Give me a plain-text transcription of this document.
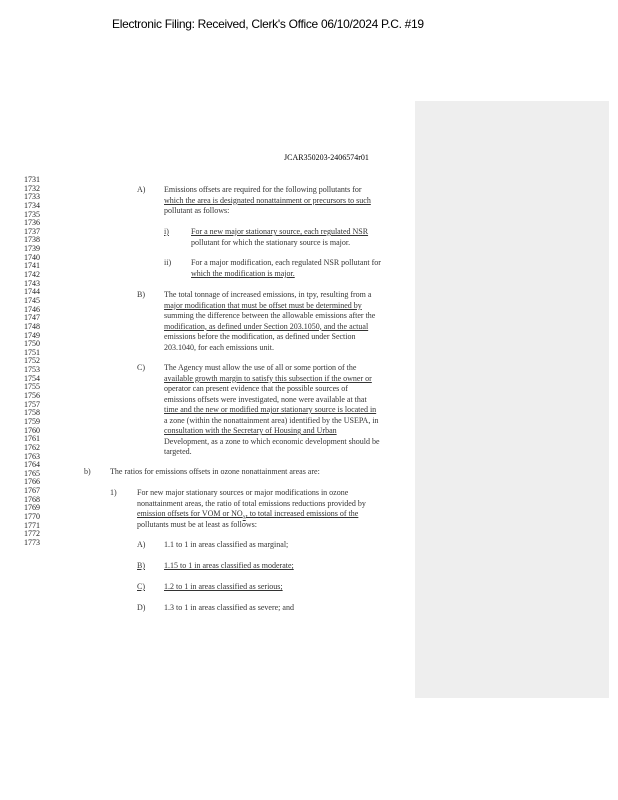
Electronic Filing: Received, Clerk's Office 06/10/2024 P.C. #19
JCAR350203-2406574r01
1731
1732
1733
1734
1735
1736
1737
1738
1739
1740
1741
1742
1743
1744
1745
1746
1747
1748
1749
1750
1751
1752
1753
1754
1755
1756
1757
1758
1759
1760
1761
1762
1763
1764
1765
1766
1767
1768
1769
1770
1771
1772
1773
A) Emissions offsets are required for the following pollutants for
which the area is designated nonattainment or precursors to such
pollutant as follows:
i)	For a new major stationary source, each regulated NSR
pollutant for which the stationary source is major.
ii) For a major modification, each regulated NSR pollutant for
which the modification is major.
B) The total tonnage of increased emissions, in tpy, resulting from a
major modification that must be offset must be determined by
summing the difference between the allowable emissions after the
modification, as defined under Section 203.1050, and the actual
emissions before the modification, as defined under Section
203.1040, for each emissions unit.
C) The Agency must allow the use of all or some portion of the
available growth margin to satisfy this subsection if the owner or
operator can present evidence that the possible sources of
emissions offsets were investigated, none were available at that
time and the new or modified major stationary source is located in
a zone (within the nonattainment area) identified by the USEPA, in
consultation with the Secretary of Housing and Urban
Development, as a zone to which economic development should be
targeted.
b) The ratios for emissions offsets in ozone nonattainment areas are:
1)	For new major stationary sources or major modifications in ozone
nonattainment areas, the ratio of total emissions reductions provided by
emission offsets for VOM or $NO_x$, to total increased emissions of the
pollutants must be at least as follows:
A) 1.1 to 1 in areas classified as marginal;
B) 1.15 to 1 in areas classified as moderate;
C) 1.2 to 1 in areas classified as serious;
D) 1.3 to 1 in areas classified as severe; and
